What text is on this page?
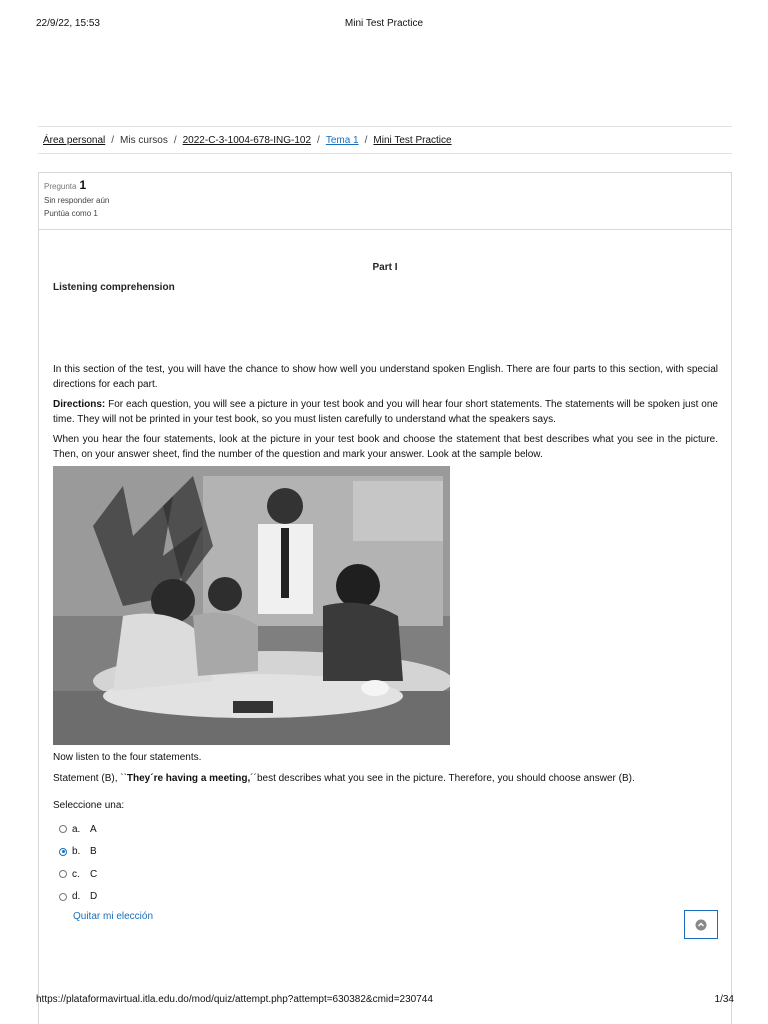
22/9/22, 15:53	Mini Test Practice
Área personal / Mis cursos / 2022-C-3-1004-678-ING-102 / Tema 1 / Mini Test Practice
Pregunta 1
Sin responder aún
Puntúa como 1
Part I
Listening comprehension
In this section of the test, you will have the chance to show how well you understand spoken English. There are four parts to this section, with special directions for each part.
Directions: For each question, you will see a picture in your test book and you will hear four short statements. The statements will be spoken just one time. They will not be printed in your test book, so you must listen carefully to understand what the speakers says.
When you hear the four statements, look at the picture in your test book and choose the statement that best describes what you see in the picture. Then, on your answer sheet, find the number of the question and mark your answer. Look at the sample below.
Now listen to the four statements.
Statement (B), ``They´re having a meeting,´´best describes what you see in the picture. Therefore, you should choose answer (B).
Seleccione una:
a. A
b. B
c.	C
d. D
Quitar mi elección
https://plataformavirtual.itla.edu.do/mod/quiz/attempt.php?attempt=630382&cmid=230744	1/34
